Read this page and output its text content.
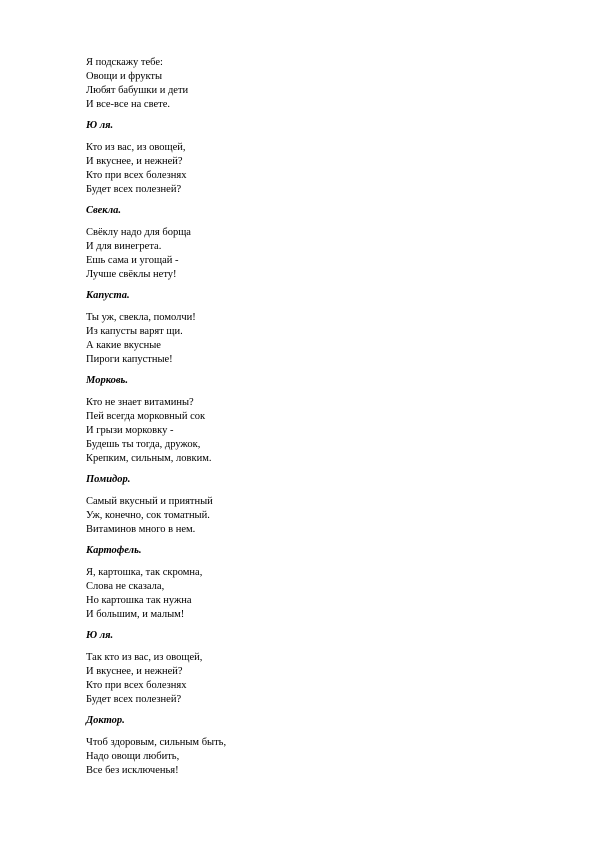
Я подскажу тебе:
Овощи и фрукты
Любят бабушки и дети
И все-все на свете.
Ю ля.
Кто из вас, из овощей,
И вкуснее, и нежней?
Кто при всех болезнях
Будет всех полезней?
Свекла.
Свёклу надо для борща
И для винегрета.
Ешь сама и угощай -
Лучше свёклы нету!
Капуста.
Ты уж, свекла, помолчи!
Из капусты варят щи.
А какие вкусные
Пироги капустные!
Морковь.
Кто не знает витамины?
Пей всегда морковный сок
И грызи морковку -
Будешь ты тогда, дружок,
Крепким, сильным, ловким.
Помидор.
Самый вкусный и приятный
Уж, конечно, сок томатный.
Витаминов много в нем.
Картофель.
Я, картошка, так скромна,
Слова не сказала,
Но картошка так нужна
И большим, и малым!
Ю ля.
Так кто из вас, из овощей,
И вкуснее, и нежней?
Кто при всех болезнях
Будет всех полезней?
Доктор.
Чтоб здоровым, сильным быть,
Надо овощи любить,
Все без исключенья!
